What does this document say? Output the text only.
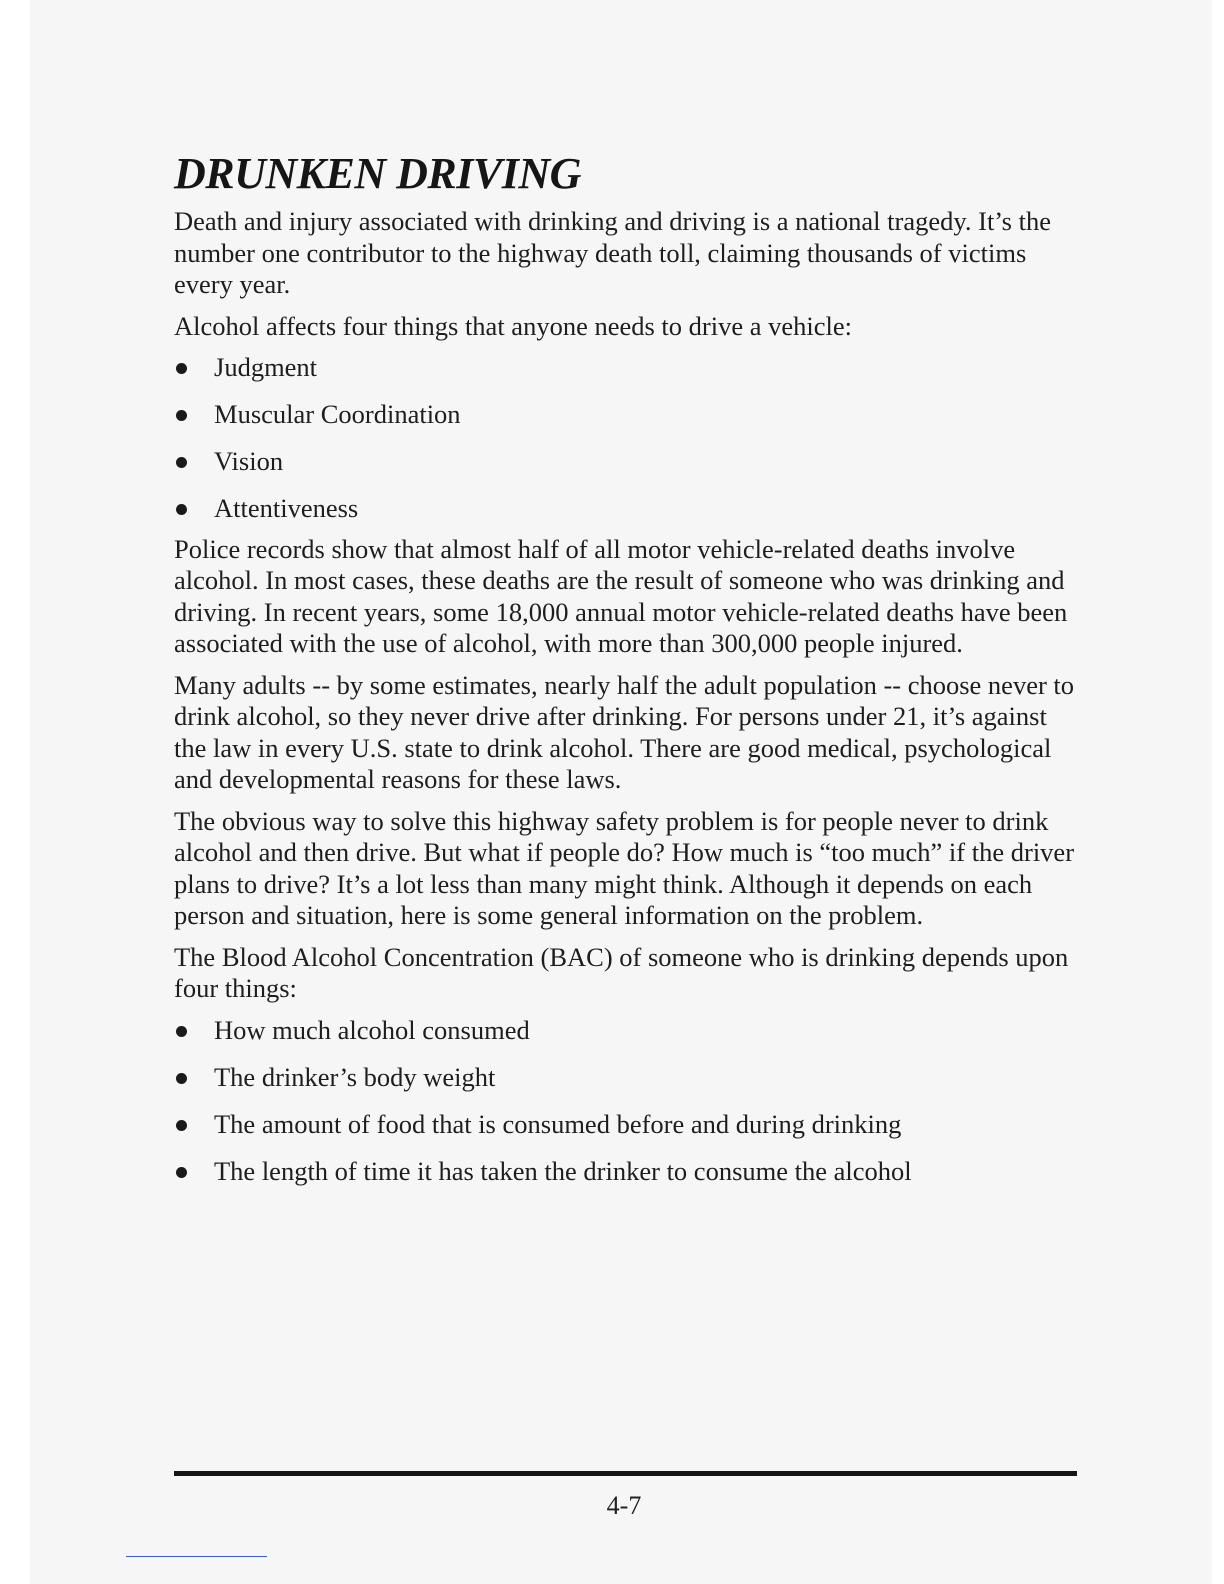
DRUNKEN DRIVING

Death and injury associated with drinking and driving is a national tragedy. It’s the number one contributor to the highway death toll, claiming thousands of victims every year.

Alcohol affects four things that anyone needs to drive a vehicle:

Judgment
Muscular Coordination
Vision
Attentiveness

Police records show that almost half of all motor vehicle-related deaths involve alcohol. In most cases, these deaths are the result of someone who was drinking and driving. In recent years, some 18,000 annual motor vehicle-related deaths have been associated with the use of alcohol, with more than 300,000 people injured.

Many adults -- by some estimates, nearly half the adult population -- choose never to drink alcohol, so they never drive after drinking. For persons under 21, it’s against the law in every U.S. state to drink alcohol. There are good medical, psychological and developmental reasons for these laws.

The obvious way to solve this highway safety problem is for people never to drink alcohol and then drive. But what if people do? How much is “too much” if the driver plans to drive? It’s a lot less than many might think. Although it depends on each person and situation, here is some general information on the problem.

The Blood Alcohol Concentration (BAC) of someone who is drinking depends upon four things:

How much alcohol consumed
The drinker’s body weight
The amount of food that is consumed before and during drinking
The length of time it has taken the drinker to consume the alcohol
4-7
